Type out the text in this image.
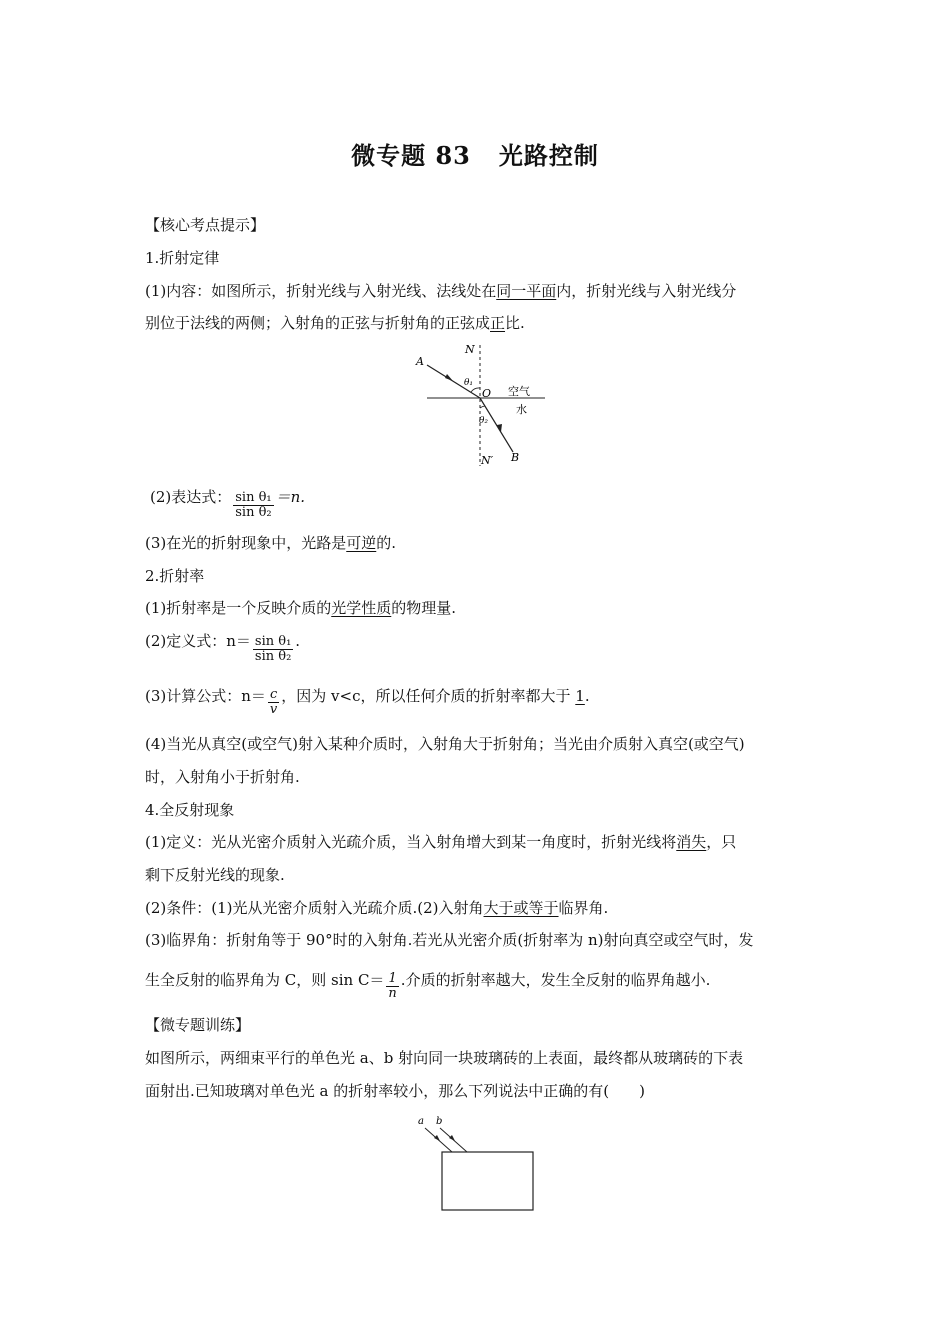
微专题 83 光路控制
【核心考点提示】
1.折射定律
(1)内容：如图所示，折射光线与入射光线、法线处在同一平面内，折射光线与入射光线分
别位于法线的两侧；入射角的正弦与折射角的正弦成正比.
A
N
θ₁
O 空气
水
θ₂
N′ B
(2)表达式： $\frac{\text{sin θ₁}}{\text{sin θ₂}} =n$.
(3)在光的折射现象中，光路是可逆的.
2.折射率
(1)折射率是一个反映介质的光学性质的物理量.
(2)定义式：$n= \frac{\text{sin θ₁}}{\text{sin θ₂}}$ .
(3)计算公式：$n= \frac{c}{v}$ ，因为 v<c，所以任何介质的折射率都大于 1.
(4)当光从真空(或空气)射入某种介质时，入射角大于折射角；当光由介质射入真空(或空气)
时，入射角小于折射角.
4.全反射现象
(1)定义：光从光密介质射入光疏介质，当入射角增大到某一角度时，折射光线将消失，只
剩下反射光线的现象.
(2)条件：(1)光从光密介质射入光疏介质.(2)入射角大于或等于临界角.
(3)临界角：折射角等于 90°时的入射角.若光从光密介质(折射率为 n)射向真空或空气时，发
生全反射的临界角为 C，则 $\sin C= \frac{1}{n}$ .介质的折射率越大，发生全反射的临界角越小.
【微专题训练】
如图所示，两细束平行的单色光 a、b 射向同一块玻璃砖的上表面，最终都从玻璃砖的下表
面射出.已知玻璃对单色光 a 的折射率较小，那么下列说法中正确的有(　　)
a b
